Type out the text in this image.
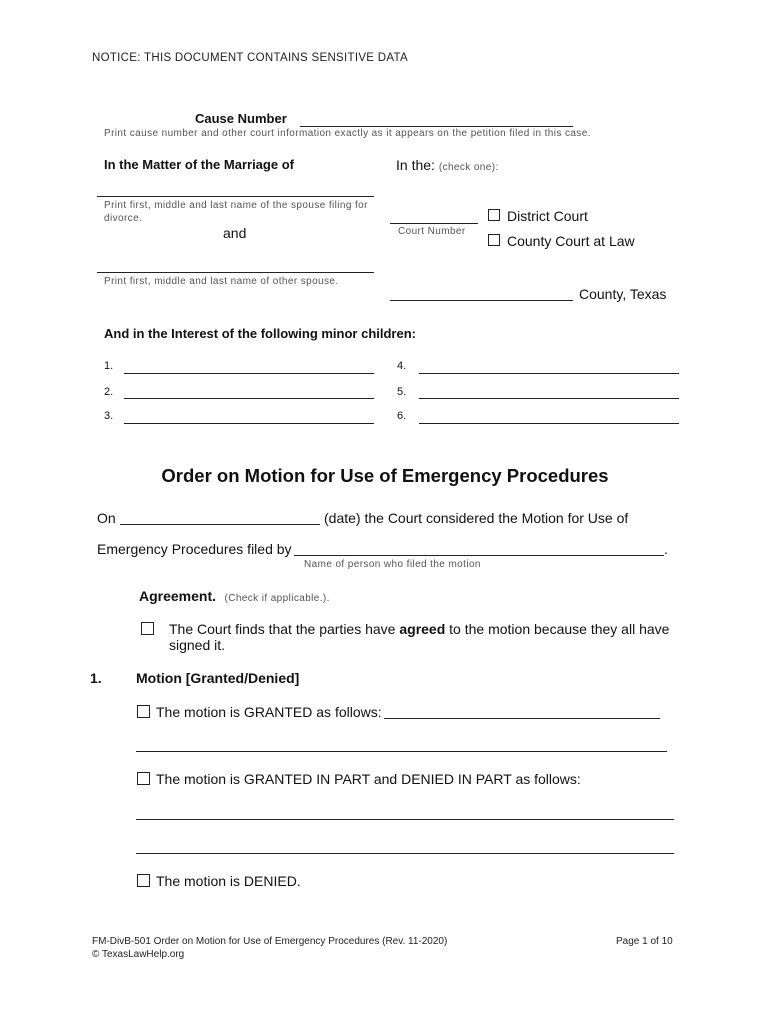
NOTICE: THIS DOCUMENT CONTAINS SENSITIVE DATA
Cause Number
Print cause number and other court information exactly as it appears on the petition filed in this case.
In the Matter of the Marriage of	In the: (check one):
Print first, middle and last name of the spouse filing for divorce.
Court Number
District Court
County Court at Law
and
Print first, middle and last name of other spouse.
County, Texas
And in the Interest of the following minor children:
1.
2.
3.
4.
5.
6.
Order on Motion for Use of Emergency Procedures
On	(date) the Court considered the Motion for Use of
Emergency Procedures filed by	.
Name of person who filed the motion
Agreement. (Check if applicable.).
The Court finds that the parties have agreed to the motion because they all have
signed it.
1. Motion [Granted/Denied]
The motion is GRANTED as follows:
The motion is GRANTED IN PART and DENIED IN PART as follows:
The motion is DENIED.
FM-DivB-501 Order on Motion for Use of Emergency Procedures (Rev. 11-2020)
© TexasLawHelp.org
Page 1 of 10
